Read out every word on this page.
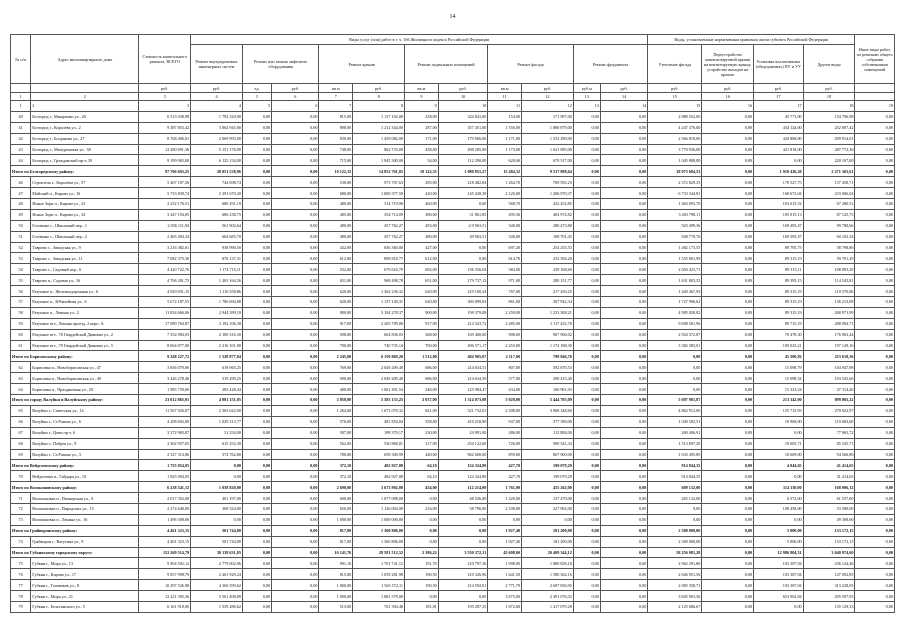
14
№ п/п	Адрес многоквартирного дома	Стоимость капитального ремонта, ВСЕГО	Виды услуг (или) работ в т. ч. 166 Жилищного кодекса Российской Федерации											Виды, установленные нормативным правовым актом субъекта Российской Федерации				Иные виды работ, по решению общего собрания собственников помещений
			Ремонт внутридомовых инженерных систем	Ремонт или замена лифтового оборудования		Ремонт крыши		Ремонт подвальных помещений		Ремонт фасада		Ремонт фундамента		Утепление фасада	Переустройство невентилируемой крыши на вентилируемую крышу, устройство выходов на кровлю	Установка коллективных (общедомовых) ПУ и УУ	Другие виды	
		руб.	руб.	ед.	руб.	кв.м	руб.	кв.м	руб.	кв.м	руб.	куб.м	руб.	руб.	руб.	руб.	руб.	
1	2	3	4	5	6	7	8	9	10	11	12	13	14	15	16	17	18	
1	2	3	4	5	6	7	8	9	10	11	12	13	14	15	16	17	18	19
40	Белгород г., Макаренко ул., 26	6 513 038,98	1 792 320,00	0,00	0,00	815,00	1 137 102,00	238,00	324 841,00	154,00	171 997,00	0,00	0,00	2 880 352,00	0,00	45 771,00	154 706,98	0,00
41	Белгород г., Королёва ул., 2	9 387 853,42	3 862 945,00	0,00	0,00	898,00	1 212 344,00	287,00	357 451,00	1 550,00	1 886 879,00	0,00	0,00	4 247 376,00	0,00	434 124,00	252 807,42	0,00
42	Белгород г., Богданова ул., 27	8 768 496,01	2 069 993,00	0,00	0,00	830,00	1 459 082,00	171,00	179 066,00	1 171,00	1 552 290,00	0,00	0,00	2 566 818,00	0,00	420 868,00	299 914,01	0,00
43	Белгород г., Мичуринская ул., 38	12 280 691,36	5 151 176,00	0,00	0,00	748,00	862 733,00	458,00	498 285,00	1 173,00	1 621 085,00	0,00	0,00	3 770 936,00	0,00	421 818,00	287 772,36	0,00
44	Белгород г., Гражданский пр-т, 39	9 199 065,00	6 125 154,00	0,00	0,00	715,00	1 945 300,00	54,00	112 290,00	620,00	670 517,00	0,00	0,00	1 045 888,00	0,00	0,00	220 167,00	0,00
Итого по Белгородскому району:		97 706 693,25	28 051 538,96	0,00	0,00	10 122,35	14 852 761,05	10 122,35	1 080 851,27	15 484,32	9 517 888,64	0,00	0,00	38 073 684,53	0,00	1 910 426,20	2 271 365,61	0,00
46	Строитель г., Королёва ул., 57	5 467 187,56	744 698,74	0,00	0,00	530,00	973 707,63	495,00	218 482,84	1 264,70	769 592,23	0,00	0,00	2 372 829,35	0,00	170 527,75	137 458,71	0,00
47	Майский п., Кирова ул., 16	5 733 839,74	2 391 670,20	0,00	0,00	680,00	1 000 377,50	420,00	145 428,39	2 120,00	1 206 970,37	0,00	0,00	6 733 344,81	0,00	168 672,04	233 006,04	0,00
48	Ясные Зори п., Кирова ул., 23	2 252 176,51	680 291,19	0,00	0,00	480,00	314 719,98	460,00	0,00	568,70	432 452,85	0,00	0,00	1 463 093,70	0,00	103 615,32	67 280,51	0,00
49	Ясные Зори п., Кирова ул., 34	3 447 194,05	686 238,75	0,00	0,00	485,00	354 714,09	380,00	31 861,85	495,56	404 974,82	0,00	0,00	3 403 798,11	0,00	105 015,13	87 125,75	0,00
50	Головино с., Школьный пер., 1	2 036 111,94	561 902,64	0,00	0,00	480,00	457 762,27	493,00	4 9 963,51	340,00	280 473,80	0,00	0,00	923 499,36	0,00	169 495,47	99 780,66	0,00
51	Головино с., Школьный пер., 2	2 465 494,34	604 685,70	0,00	0,00	480,00	457 762,27	480,00	49 963,51	340,00	108 701,45	0,00	0,00	928 770,76	0,00	169 595,47	60 102,34	0,00
52	Таврово с., Заводская ул., 9	3 216 382,01	938 990,50	0,00	0,00	432,00	836 360,00	427,00	0,00	697,20	254 255,53	0,00	0,00	1 482 173,55	0,00	89 795,75	58 798,86	0,00
53	Таврово с., Заводская ул., 11	7 082 375,30	876 137,31	0,00	0,00	612,00	898 818,77	612,00	0,00	614,70	252 394,20	0,00	0,00	1 555 801,99	0,00	89 315,19	59 701,29	0,00
54	Таврово с., Садовый пер., 6	4 420 722,76	1 174 715,11	0,00	0,00	532,00	679 616,79	692,00	156 356,04	384,00	259 168,60	0,00	0,00	2 650 423,71	0,00	89 315,11	108 093,29	0,00
55	Таврово п., Садовая ул., 16	4 706 201,75	1 203 164,56	0,00	0,00	651,00	968 498,78	651,00	179 737,13	971,00	280 151,77	0,00	0,00	1 631 803,35	0,00	89 395,15	114 545,81	0,00
56	Разумное п., Железнодорожная ул., 6	4 929 031,15	1 110 558,86	0,00	0,00	620,00	1 362 236,32	620,00	219 100,34	767,00	217 450,25	0,00	0,00	1 420 467,93	0,00	89 315,19	119 576,86	0,00
57	Разумное п., Юбилейная ул., 6	5 672 187,55	1 786 694,88	0,00	0,00	620,00	1 137 149,31	620,00	300 099,04	861,00	367 942,34	0,00	0,00	1 727 986,62	0,00	89 315,19	136 213,08	0,00
58	Разумное п., Ленина ул., 2	11 834 666,06	2 944 399,18	0,00	0,00	900,00	3 194 278,37	900,00	198 379,08	2 259,00	1 253 308,21	0,00	0,00	4 985 028,82	0,00	89 315,19	268 971,99	0,00
59	Разумное пгт., Ленина проезд, 2 корп. А	17 089 764,87	3 192 106,38	0,00	0,00	917,00	2 205 799,00	917,00	214 323,72	2 485,00	1 117 432,70	0,00	0,00	9 608 581,96	0,00	89 715,19	288 094,71	0,00
60	Разумное пгт., 70 Гвардейской Дивизии ул., 2	7 354 984,03	2 100 316,30	0,00	0,00	508,00	604 836,03	368,00	169 400,00	908,00	967 906,02	0,00	0,00	2 924 372,87	0,00	70 478,30	176 063,44	0,00
61	Разумное пгт., 70 Гвардейской Дивизии ул., 5	8 064 077,00	2 216 101,00	0,00	0,00	700,00	740 735,14	700,00	296 571,17	2 253,00	1 172 188,30	0,00	0,00	3 382 383,01	0,00	109 023,21	197 129,16	0,00
Итого по Борисовскому району:		9 248 227,72	1 528 877,04	0,00	0,00	2 245,00	6 150 869,20	1 512,00	494 905,07	2 117,00	798 846,76	0,00	0,00	0,00	0,00	45 500,82	253 618,36	0,00
62	Борисовка п., Новоборисовская ул., 47	3 836 070,06	619 065,25	0,00	0,00	769,00	2 049 209,40	686,00	214 634,51	807,00	392 670,53	0,00	0,00	0,00	0,00	15 098,79	104 947,98	0,00
63	Борисовка п., Новоборисовская ул., 49	3 426 278,46	519 299,25	0,00	0,00	900,00	2 049 209,40	686,00	214 634,50	577,00	290 415,40	0,00	0,00	0,00	0,00	15 098,54	103 545,66	0,00
64	Борисовка п., Праздничная ул., 29	1 985 759,00	283 428,44	0,00	0,00	400,00	1 061 491,54	240,00	125 984,47	434,00	106 961,93	0,00	0,00	0,00	0,00	15 323,24	47 314,40	0,00
Итого по городу Валуйки и Валуйскому району:		23 012 865,01	4 881 151,05	0,00	0,00	3 858,00	5 583 133,25	2 037,00	1 314 073,08	5 028,00	5 444 705,09	0,00	0,00	5 697 981,87	0,00	213 342,00	899 805,22	0,00
65	Валуйки г., Советская ул., 14	11 567 926,07	2 365 622,00	0,00	0,00	1 264,00	1 671 070,32	841,00	521 732,01	2 308,00	3 968 348,60	0,00	0,00	4 862 912,00	0,00	155 715,93	270 922,97	0,00
66	Валуйки г., Ст.Разина ул., 6	4 208 692,00	1 029 313,77	0,00	0,00	576,00	481 854,04	358,00	419 218,90	947,00	377 390,00	0,00	0,00	1 049 392,51	0,00	10 968,00	119 683,60	0,00
67	Валуйки г., Цепи пр-т, 6	3 372 965,87	51 254,00	0,00	0,00	507,00	198 379,17	230,00	24 991,00	286,00	112 884,00	0,00	0,00	269 406,91	0,00	0,00	77 965,72	0,00
68	Валуйки г., Пабрея ул., 9	3 302 957,65	615 252,30	0,00	0,00	562,00	530 868,01	317,00	254 122,00	726,00	990 541,34	0,00	0,00	1 513 697,20	0,00	19 005,71	85 545,71	0,00
69	Валуйки г., Ст.Разина ул., 3	2 527 314,86	574 762,80	0,00	0,00	780,00	658 300,99	440,00	962 600,00	859,00	867 900,00	0,00	0,00	1 033 495,85	0,00	10 609,00	94 566,80	0,00
Итого по Вейделевскому району:		1 755 054,05	0,00	0,00	0,00	372,10	482 927,08	64,10	124 324,80	427,70	199 079,29	0,00	0,00	914 844,35	0,00	4 044,65	41 414,65	0,00
70	Вейделевка п., Гайдара ул., 10	1 825 094,05	0,00	0,00	0,00	372,10	482 927,08	64,10	124 324,80	427,70	199 079,29	0,00	0,00	914 844,35	0,00	0,00	41 414,65	0,00
Итого по Волоконовскому району:		6 238 541,12	1 038 820,00	0,00	0,00	2 690,00	3 673 902,00	454,00	112 214,00	1 761,00	455 262,00	0,00	0,00	689 132,00	0,00	114 130,00	168 006,12	0,00
71	Волоконовка п., Пионерская ул., 9	2 017 352,00	401 197,00	0,00	0,00	600,00	1 077 098,00	0,00	48 526,00	1 320,00	157 470,00	0,00	0,00	265 132,00	0,00	6 572,00	61 557,00	0,00
72	Волоконовка п., Пирадских ул., 15	2 274 640,00	368 324,00	0,00	0,00	656,00	1 126 004,00	216,00	58 796,00	2 100,00	227 902,00	0,00	0,00	0,00	0,00	108 458,00	53 580,00	0,00
73	Волоконовка п., Ленина ул., 16	1 496 308,00	0,00	0,00	0,00	1 000,00	1 000 000,00	0,00	0,00	0,00	0,00	0,00	0,00	0,00	0,00	0,00	49 308,00	0,00
Итого по Грайворонскому району:		4 461 323,15	501 744,00	0,00	0,00	817,00	1 360 806,00	0,00	0,00	1 927,40	181 200,00	0,00	0,00	2 300 000,00	0,00	5 000,00	133 172,15	0,00
74	Грайворон г., Ватутина ул., 9	4 461 323,15	501 744,00	0,00	0,00	817,00	1 360 806,00	0,00	0,00	1 927,40	181 200,00	0,00	0,00	2 300 000,00	0,00	5 000,00	133 172,15	0,00
Итого по Губкинскому городскому округу:		152 269 514,79	30 138 631,05	0,00	0,00	16 141,76	28 581 512,52	2 386,22	3 550 372,31	45 608,00	20 469 344,12	0,00	0,00	58 256 081,28	0,00	12 986 804,31	3 640 974,60	0,00
75	Губкин г., Мира ул., 13	9 904 502,12	2 779 002,96	0,00	0,00	991,10	1 701 741,12	191,70	210 797,36	1 998,00	1 880 828,18	0,00	0,00	2 962 391,86	0,00	103 307,94	236 124,46	0,00
76	Губкин г., Кирова ул., 17	9 857 998,79	2 461 929,24	0,00	0,00	815,00	1 039 281,98	190,50	210 326,96	1 641,50	1 580 362,16	0,00	0,00	2 646 951,56	0,00	103 307,94	147 092,85	0,00
77	Губкин г., Газовиков ул., 8	10 297 526,98	4 360 599,62	0,00	0,00	1 000,00	1 565 572,11	190,50	214 592,01	2 771,79	2 697 836,95	0,00	0,00	2 085 358,71	0,00	103 307,94	313 228,05	0,00
78	Губкин г., Мира ул., 21	12 221 395,36	3 561 408,89	0,00	0,00	1 000,00	1 881 579,00	0,00	0,00	3 675,00	2 491 076,32	0,00	0,00	3 845 963,36	0,00	653 902,84	295 597,95	0,00
79	Губкин г., Бельгинского ул., 5	6 161 918,00	1 539 286,62	0,00	0,00	513,00	761 394,48	181,81	195 287,35	1 672,00	1 417 079,28	0,00	0,00	2 125 686,67	0,00	0,00	135 129,33	0,00
